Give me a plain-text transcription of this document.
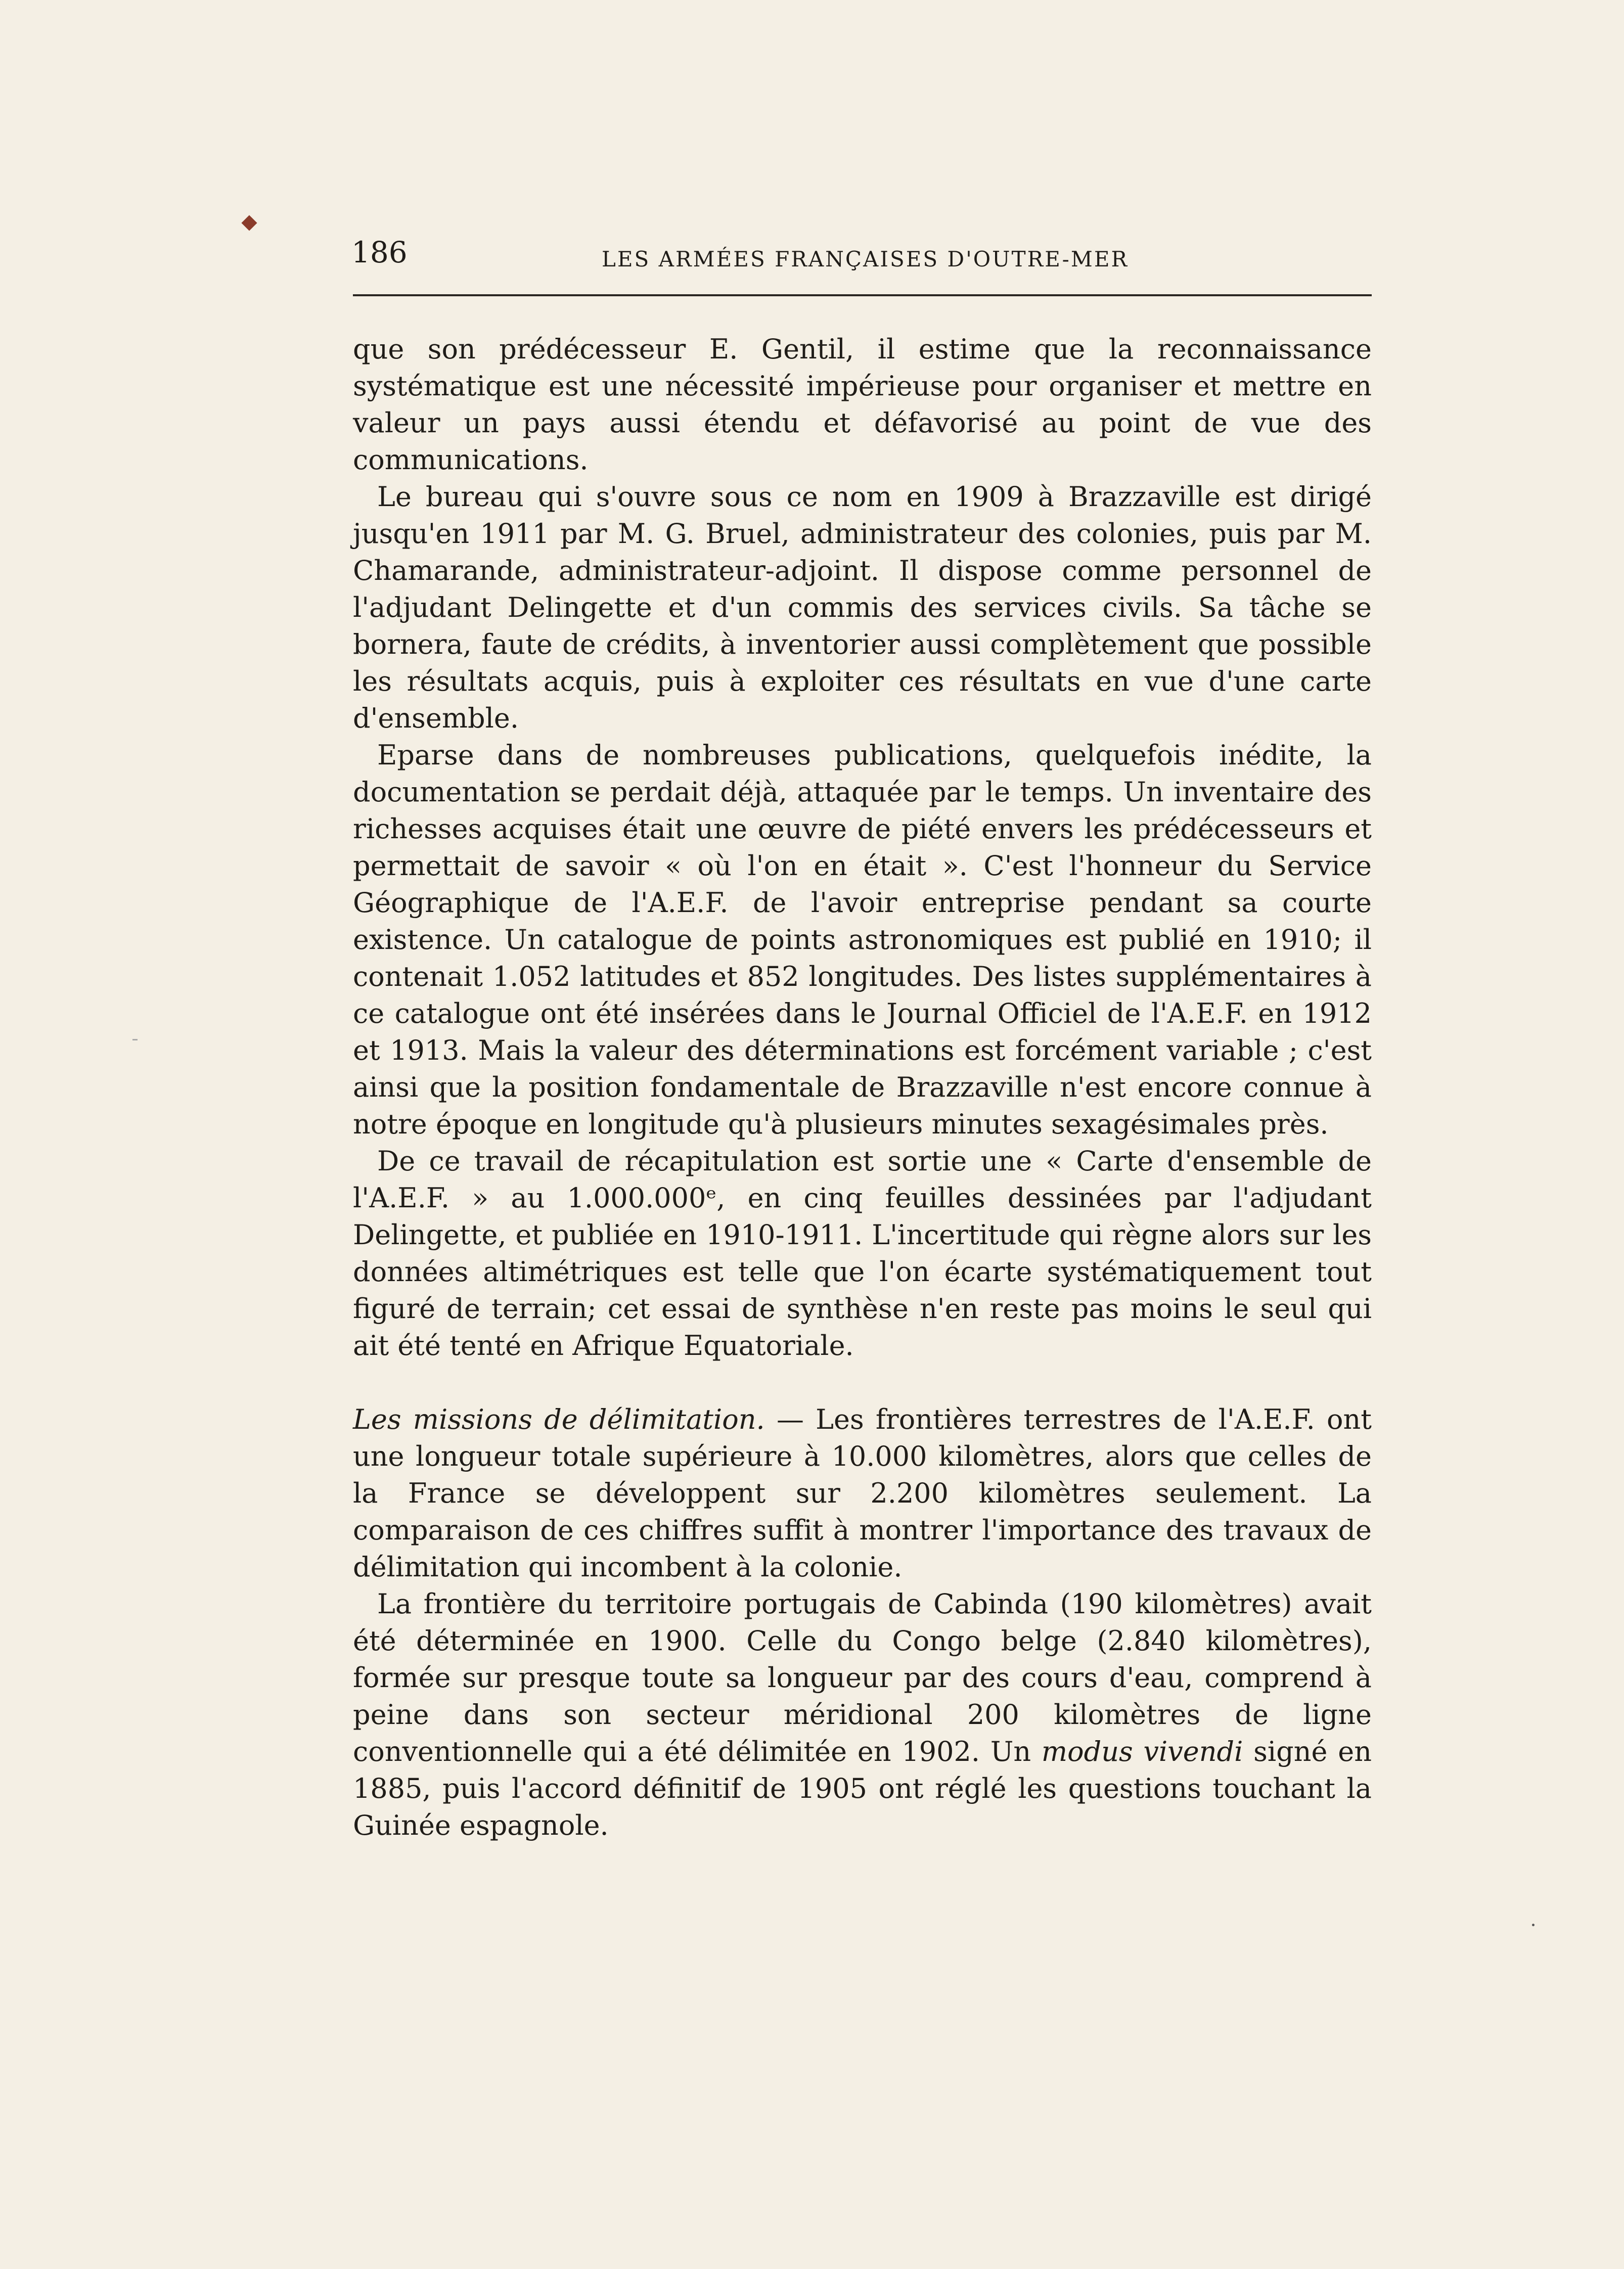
186	LES ARMÉES FRANÇAISES D'OUTRE-MER

que son prédécesseur E. Gentil, il estime que la reconnaissance systématique est une nécessité impérieuse pour organiser et mettre en valeur un pays aussi étendu et défavorisé au point de vue des communications.

Le bureau qui s'ouvre sous ce nom en 1909 à Brazzaville est dirigé jusqu'en 1911 par M. G. Bruel, administrateur des colonies, puis par M. Chamarande, administrateur-adjoint. Il dispose comme personnel de l'adjudant Delingette et d'un commis des services civils. Sa tâche se bornera, faute de crédits, à inventorier aussi complètement que possible les résultats acquis, puis à exploiter ces résultats en vue d'une carte d'ensemble.

Eparse dans de nombreuses publications, quelquefois inédite, la documentation se perdait déjà, attaquée par le temps. Un inventaire des richesses acquises était une œuvre de piété envers les prédécesseurs et permettait de savoir « où l'on en était ». C'est l'honneur du Service Géographique de l'A.E.F. de l'avoir entreprise pendant sa courte existence. Un catalogue de points astronomiques est publié en 1910; il contenait 1.052 latitudes et 852 longitudes. Des listes supplémentaires à ce catalogue ont été insérées dans le Journal Officiel de l'A.E.F. en 1912 et 1913. Mais la valeur des déterminations est forcément variable ; c'est ainsi que la position fondamentale de Brazzaville n'est encore connue à notre époque en longitude qu'à plusieurs minutes sexagésimales près.

De ce travail de récapitulation est sortie une « Carte d'ensemble de l'A.E.F. » au 1.000.000ᵉ, en cinq feuilles dessinées par l'adjudant Delingette, et publiée en 1910-1911. L'incertitude qui règne alors sur les données altimétriques est telle que l'on écarte systématiquement tout figuré de terrain; cet essai de synthèse n'en reste pas moins le seul qui ait été tenté en Afrique Equatoriale.

Les missions de délimitation. — Les frontières terrestres de l'A.E.F. ont une longueur totale supérieure à 10.000 kilomètres, alors que celles de la France se développent sur 2.200 kilomètres seulement. La comparaison de ces chiffres suffit à montrer l'importance des travaux de délimitation qui incombent à la colonie.

La frontière du territoire portugais de Cabinda (190 kilomètres) avait été déterminée en 1900. Celle du Congo belge (2.840 kilomètres), formée sur presque toute sa longueur par des cours d'eau, comprend à peine dans son secteur méridional 200 kilomètres de ligne conventionnelle qui a été délimitée en 1902. Un modus vivendi signé en 1885, puis l'accord définitif de 1905 ont réglé les questions touchant la Guinée espagnole.
